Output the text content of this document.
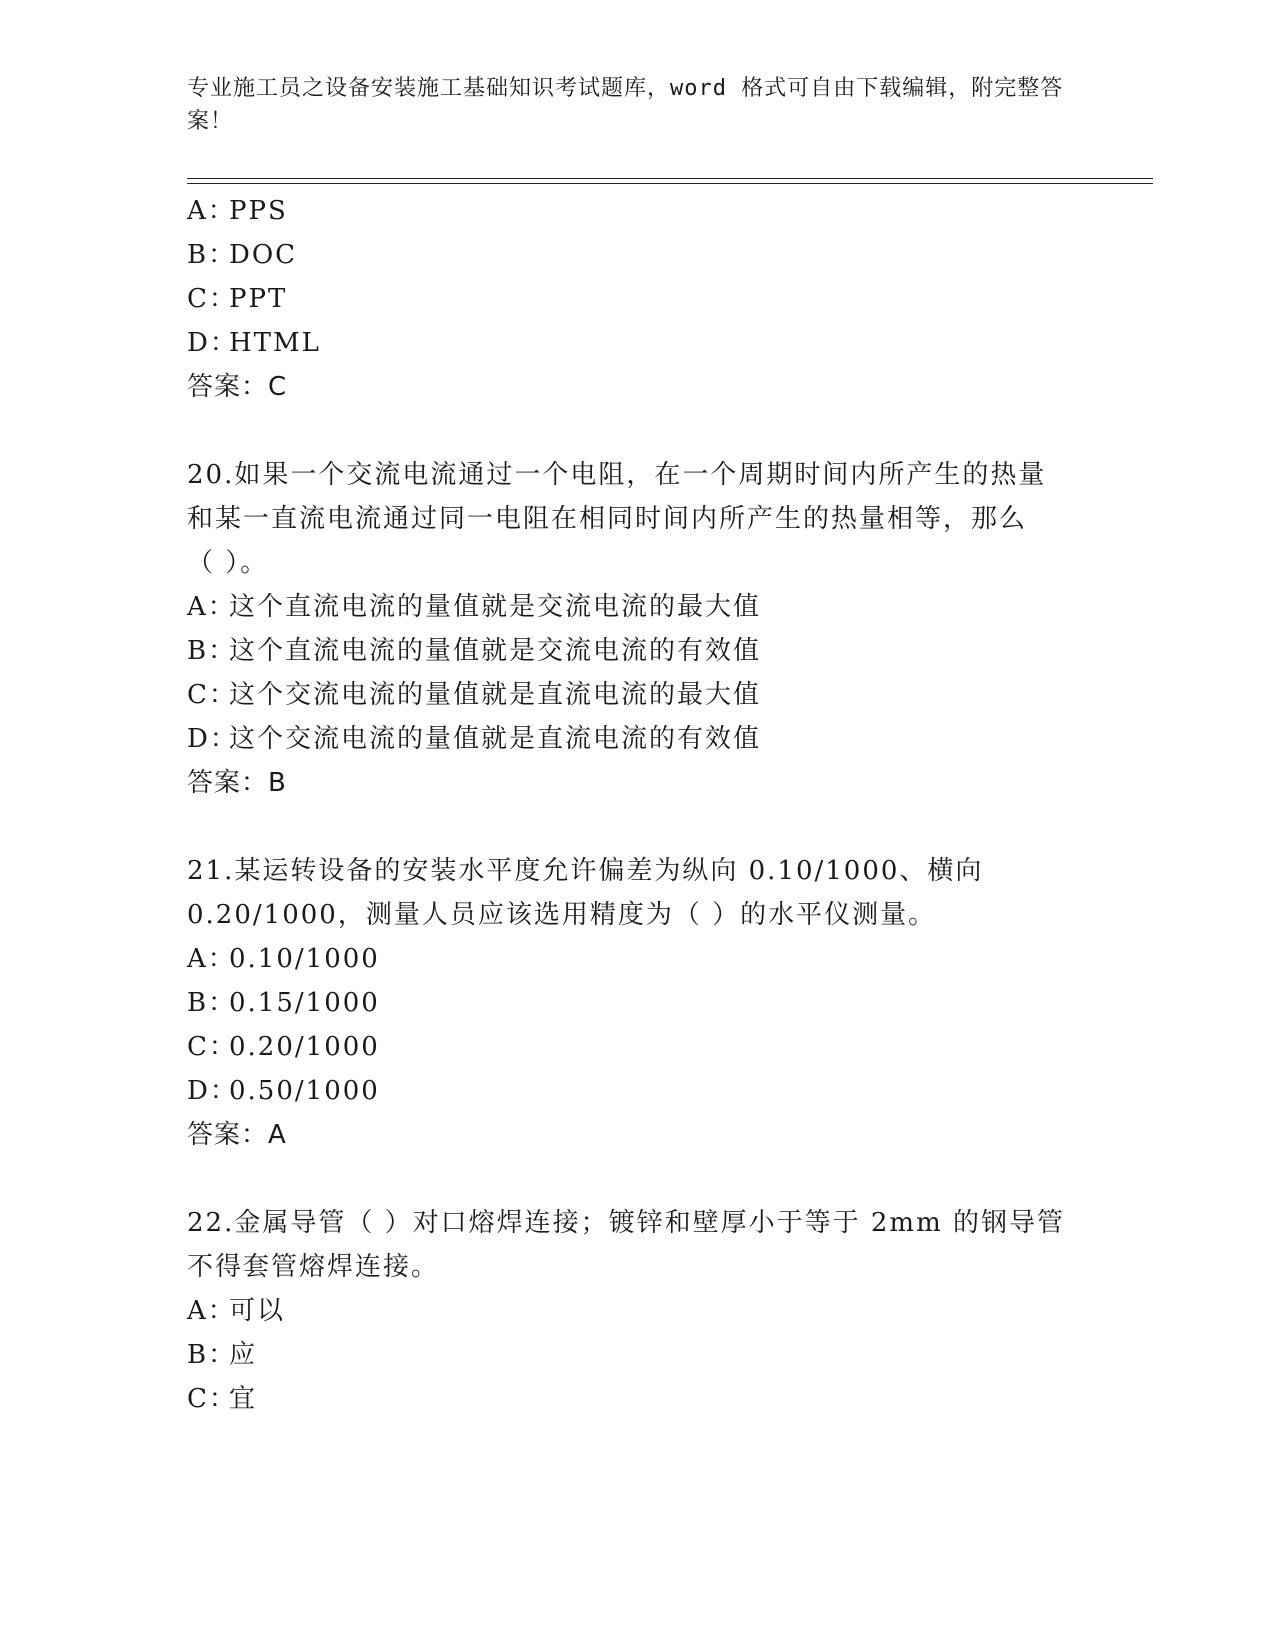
专业施工员之设备安装施工基础知识考试题库，word 格式可自由下载编辑，附完整答案！

A：PPS
B：DOC
C：PPT
D：HTML
答案：C
20.如果一个交流电流通过一个电阻，在一个周期时间内所产生的热量
和某一直流电流通过同一电阻在相同时间内所产生的热量相等，那么
（ ）。
A：这个直流电流的量值就是交流电流的最大值
B：这个直流电流的量值就是交流电流的有效值
C：这个交流电流的量值就是直流电流的最大值
D：这个交流电流的量值就是直流电流的有效值
答案：B
21.某运转设备的安装水平度允许偏差为纵向 0.10/1000、横向
0.20/1000，测量人员应该选用精度为（ ）的水平仪测量。
A：0.10/1000
B：0.15/1000
C：0.20/1000
D：0.50/1000
答案：A
22.金属导管（ ）对口熔焊连接；镀锌和壁厚小于等于 2mm 的钢导管
不得套管熔焊连接。
A：可以
B：应
C：宜
